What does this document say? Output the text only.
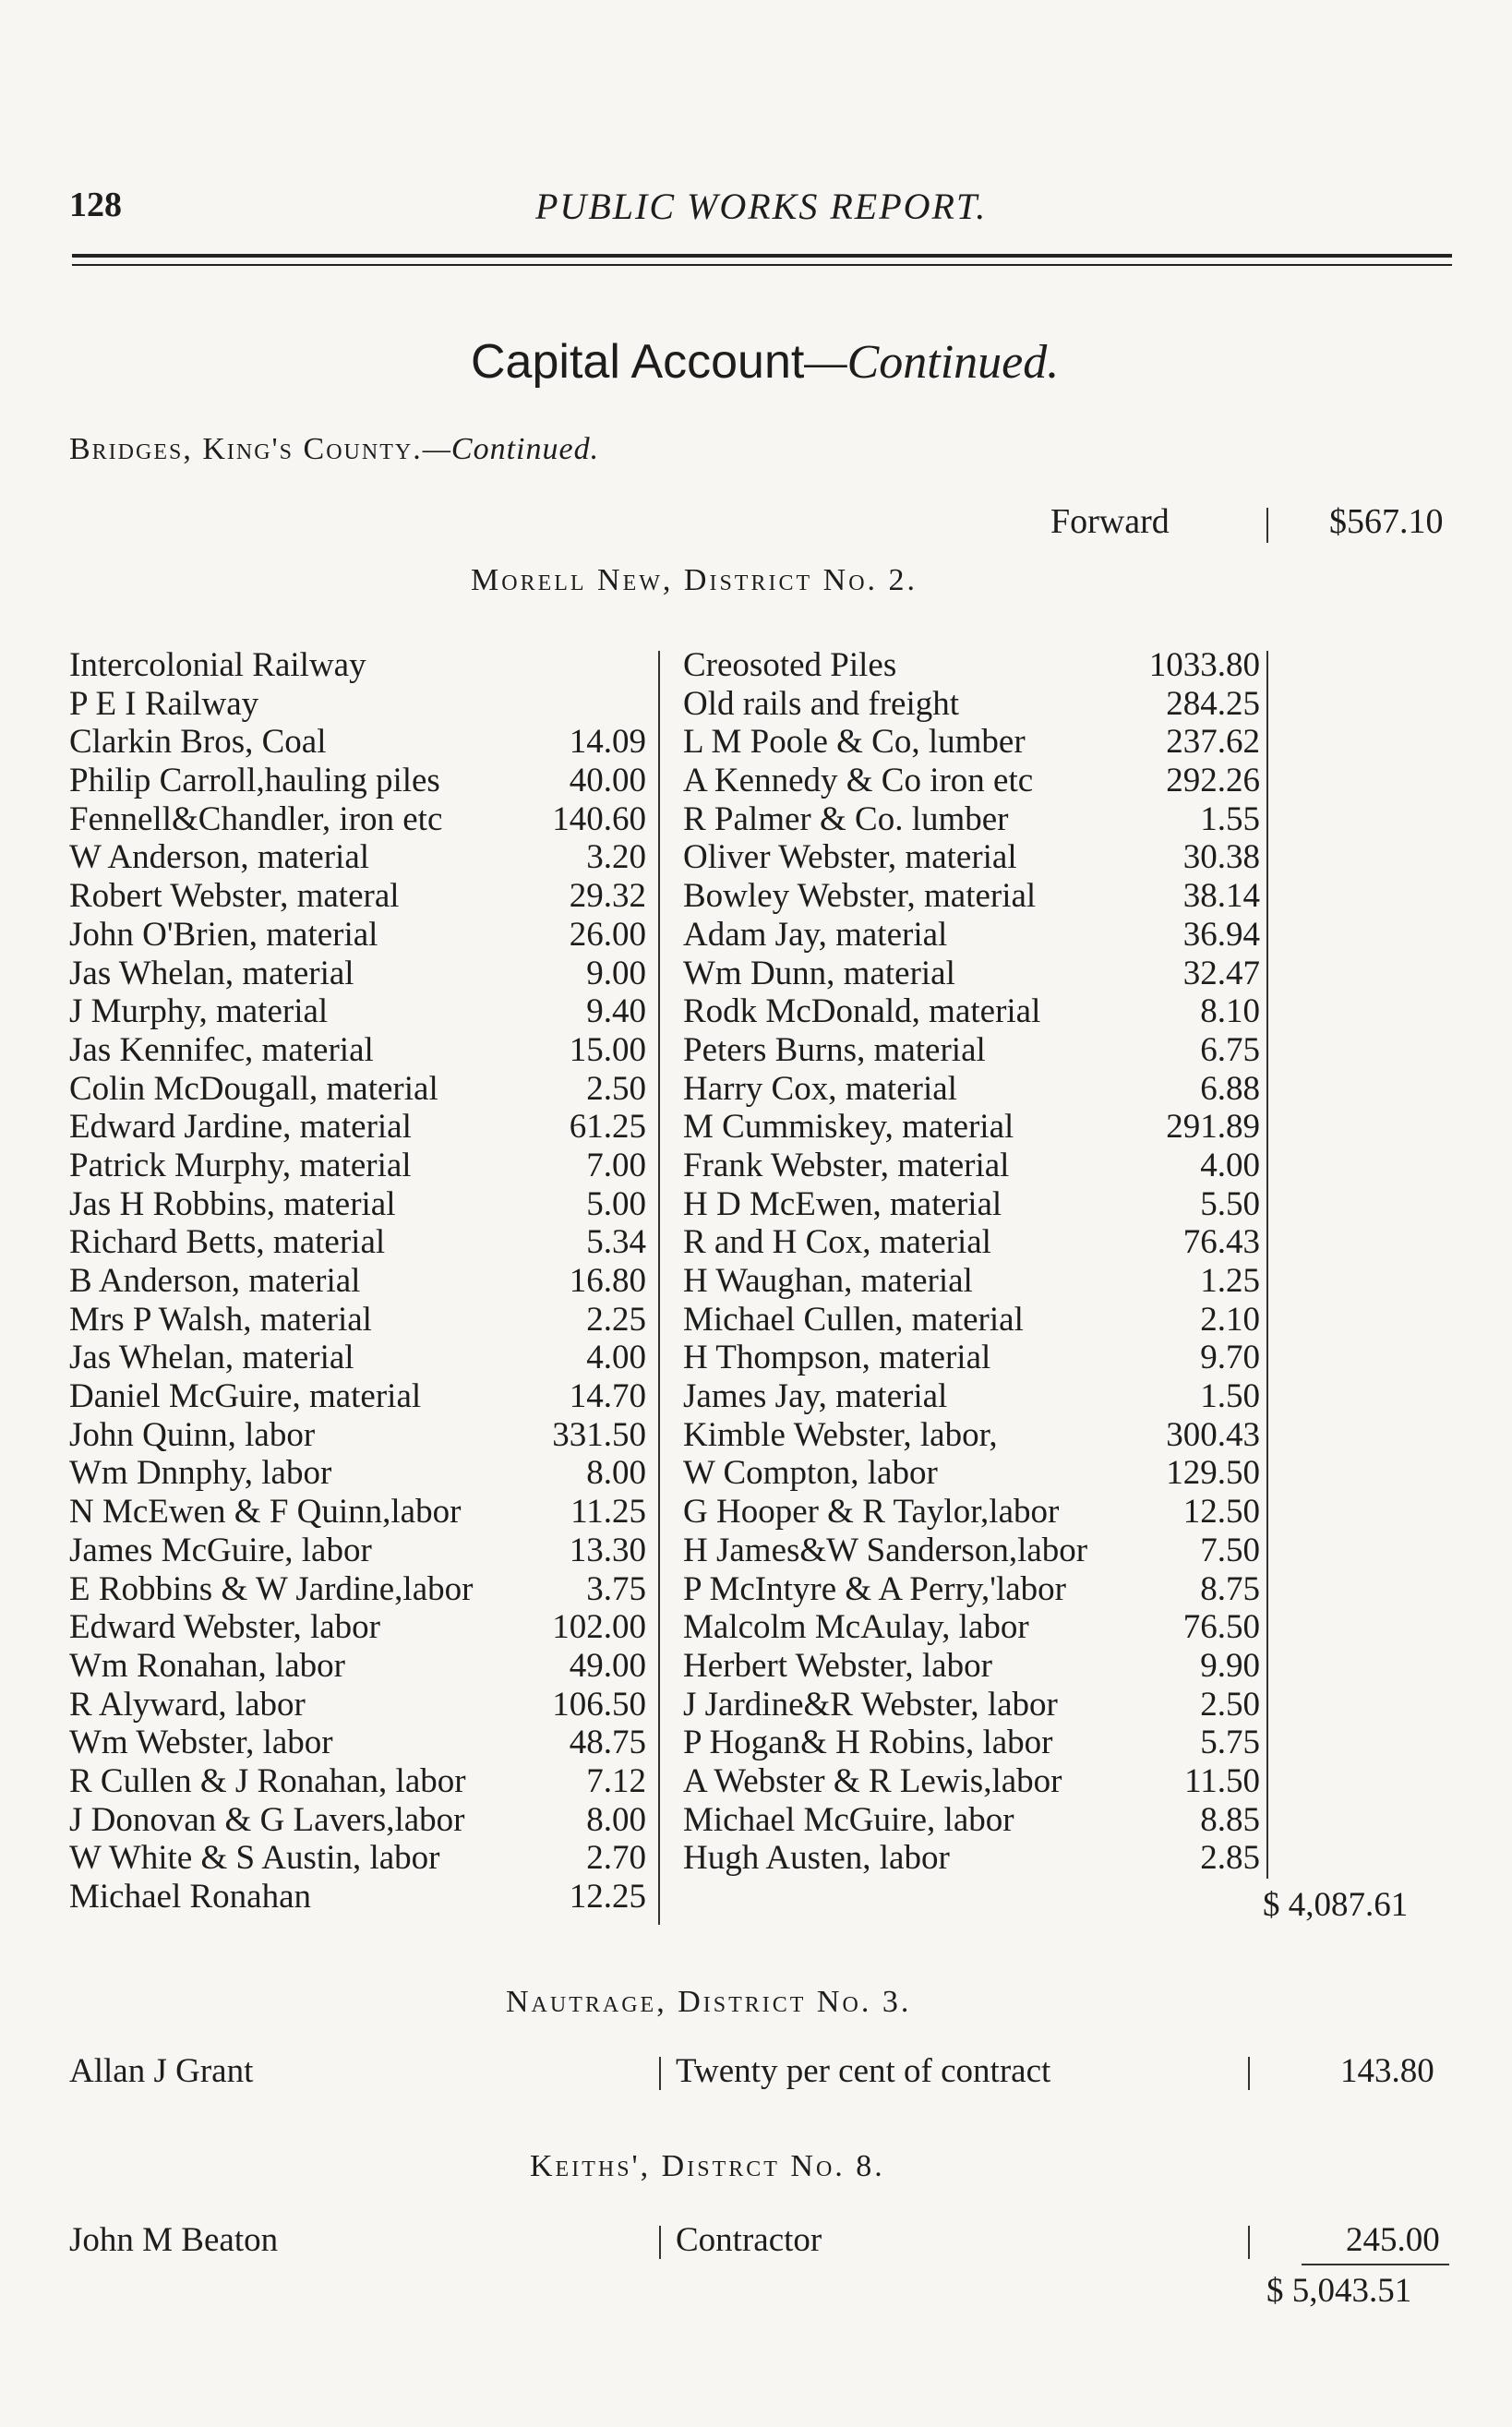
128	PUBLIC WORKS REPORT.
Capital Account—Continued.
Bridges, King's County.—Continued.
Forward	$567.10
Morell New, District No. 2.
Intercolonial Railway
P E I Railway
Clarkin Bros, Coal	14.09
Philip Carroll,hauling piles	40.00
Fennell&Chandler, iron etc	140.60
W Anderson, material	3.20
Robert Webster, materal	29.32
John O'Brien, material	26.00
Jas Whelan, material	9.00
J Murphy, material	9.40
Jas Kennifec, material	15.00
Colin McDougall, material	2.50
Edward Jardine, material	61.25
Patrick Murphy, material	7.00
Jas H Robbins, material	5.00
Richard Betts, material	5.34
B Anderson, material	16.80
Mrs P Walsh, material	2.25
Jas Whelan, material	4.00
Daniel McGuire, material	14.70
John Quinn, labor	331.50
Wm Dnnphy, labor	8.00
N McEwen & F Quinn,labor	11.25
James McGuire, labor	13.30
E Robbins & W Jardine,labor	3.75
Edward Webster, labor	102.00
Wm Ronahan, labor	49.00
R Alyward, labor	106.50
Wm Webster, labor	48.75
R Cullen & J Ronahan, labor	7.12
J Donovan & G Lavers,labor	8.00
W White & S Austin, labor	2.70
Michael Ronahan	12.25
Creosoted Piles	1033.80
Old rails and freight	284.25
L M Poole & Co, lumber	237.62
A Kennedy & Co iron etc	292.26
R Palmer & Co. lumber	1.55
Oliver Webster, material	30.38
Bowley Webster, material	38.14
Adam Jay, material	36.94
Wm Dunn, material	32.47
Rodk McDonald, material	8.10
Peters Burns, material	6.75
Harry Cox, material	6.88
M Cummiskey, material	291.89
Frank Webster, material	4.00
H D McEwen, material	5.50
R and H Cox, material	76.43
H Waughan, material	1.25
Michael Cullen, material	2.10
H Thompson, material	9.70
James Jay, material	1.50
Kimble Webster, labor,	300.43
W Compton, labor	129.50
G Hooper & R Taylor,labor	12.50
H James&W Sanderson,labor	7.50
P McIntyre & A Perry,'labor	8.75
Malcolm McAulay, labor	76.50
Herbert Webster, labor	9.90
J Jardine&R Webster, labor	2.50
P Hogan& H Robins, labor	5.75
A Webster & R Lewis,labor	11.50
Michael McGuire, labor	8.85
Hugh Austen, labor	2.85
$ 4,087.61
Nautrage, District No. 3.
Allan J Grant	Twenty per cent of contract	143.80
Keiths', Distrct No. 8.
John M Beaton	Contractor	245.00
$ 5,043.51
